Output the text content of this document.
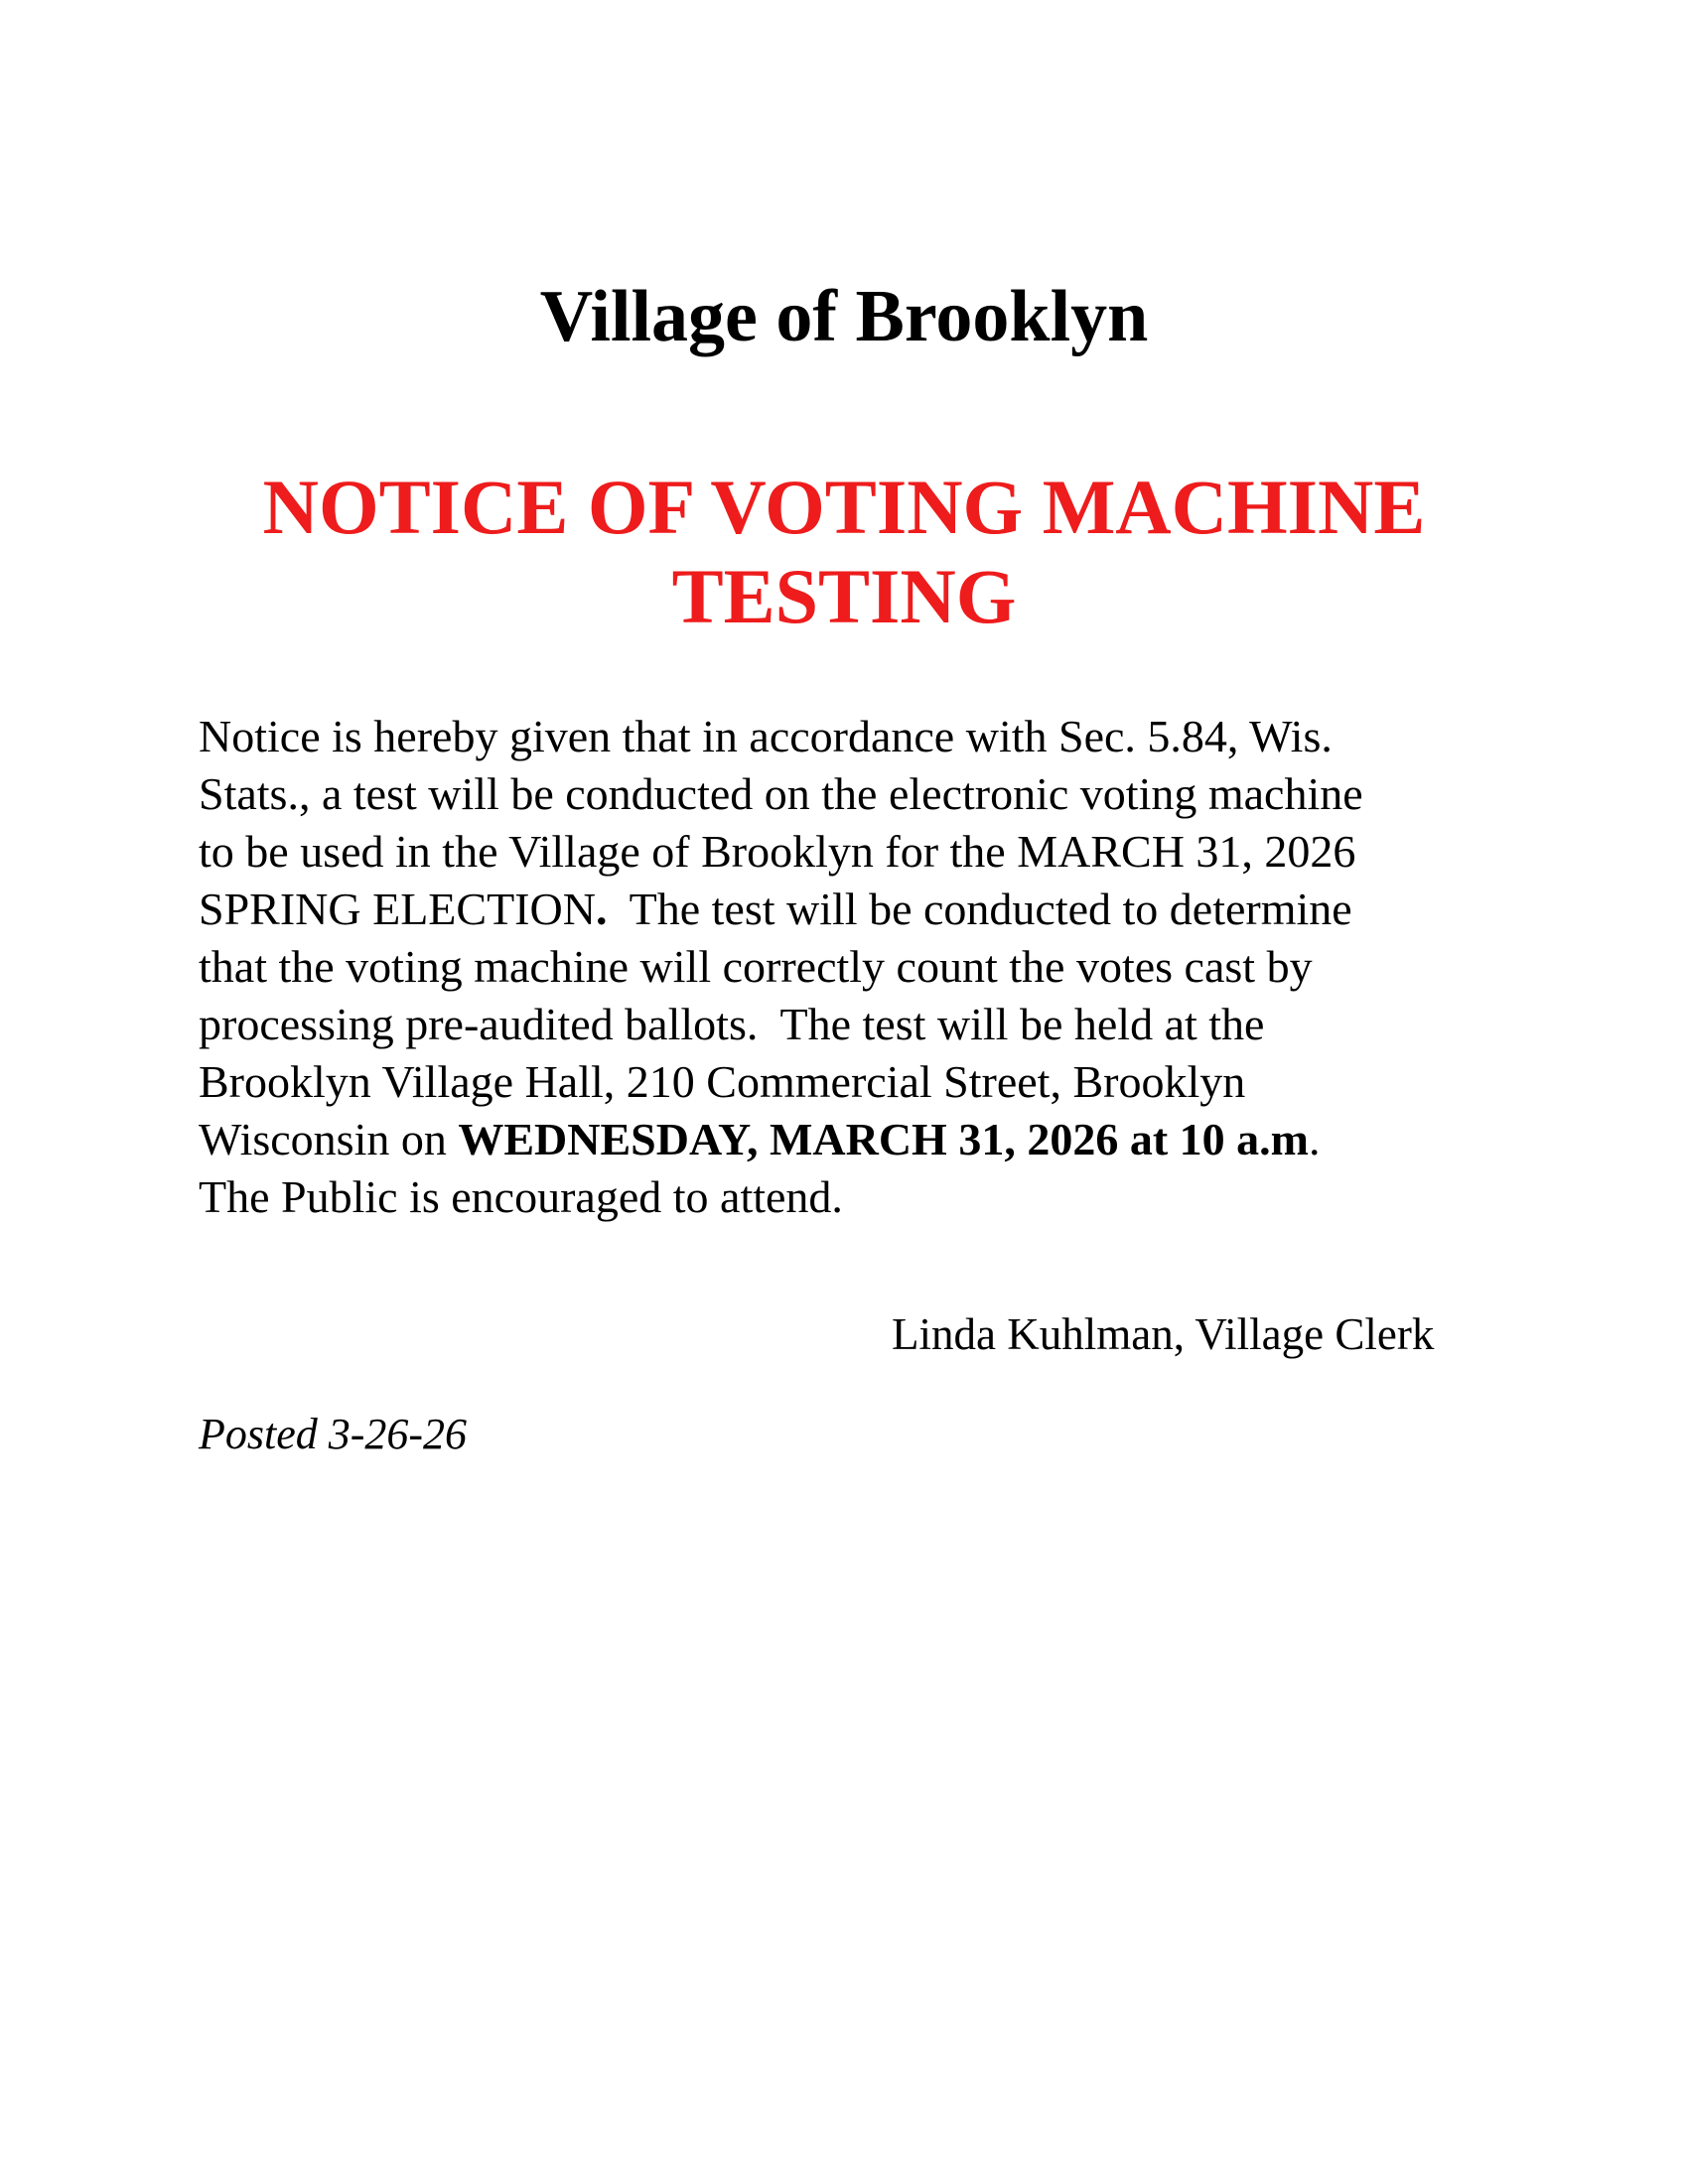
Village of Brooklyn
NOTICE OF VOTING MACHINE
TESTING
Notice is hereby given that in accordance with Sec. 5.84, Wis.
Stats., a test will be conducted on the electronic voting machine
to be used in the Village of Brooklyn for the MARCH 31, 2026
SPRING ELECTION.  The test will be conducted to determine
that the voting machine will correctly count the votes cast by
processing pre-audited ballots.  The test will be held at the
Brooklyn Village Hall, 210 Commercial Street, Brooklyn
Wisconsin on WEDNESDAY, MARCH 31, 2026 at 10 a.m.
The Public is encouraged to attend.
Linda Kuhlman, Village Clerk
Posted 3-26-26
